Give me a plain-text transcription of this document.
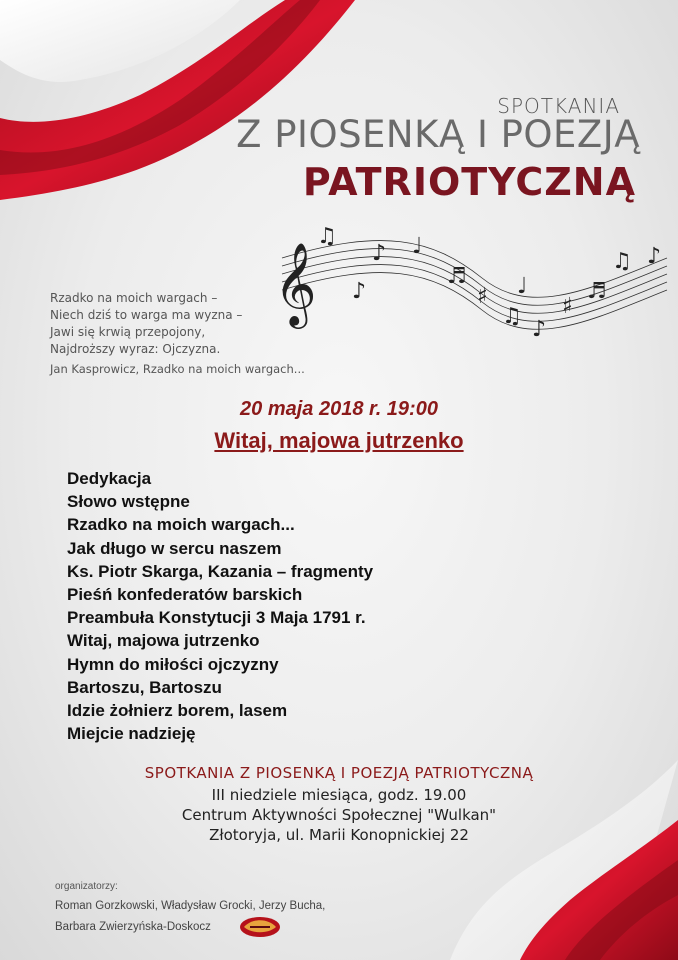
𝄞
♫
♪ ♩
♬
♯
♫
♪
♯
♬
♫ ♪
♪	♩
SPOTKANIA
Z PIOSENKĄ I POEZJĄ
PATRIOTYCZNĄ
Rzadko na moich wargach –
Niech dziś to warga ma wyzna –
Jawi się krwią przepojony,
Najdroższy wyraz: Ojczyzna.
Jan Kasprowicz, Rzadko na moich wargach...
20 maja 2018 r. 19:00
Witaj, majowa jutrzenko
Dedykacja
Słowo wstępne
Rzadko na moich wargach...
Jak długo w sercu naszem
Ks. Piotr Skarga, Kazania – fragmenty
Pieśń konfederatów barskich
Preambuła Konstytucji 3 Maja 1791 r.
Witaj, majowa jutrzenko
Hymn do miłości ojczyzny
Bartoszu, Bartoszu
Idzie żołnierz borem, lasem
Miejcie nadzieję
SPOTKANIA Z PIOSENKĄ I POEZJĄ PATRIOTYCZNĄ
III niedziele miesiąca, godz. 19.00
Centrum Aktywności Społecznej "Wulkan"
Złotoryja, ul. Marii Konopnickiej 22
organizatorzy:
Roman Gorzkowski, Władysław Grocki, Jerzy Bucha,
Barbara Zwierzyńska-Doskocz
